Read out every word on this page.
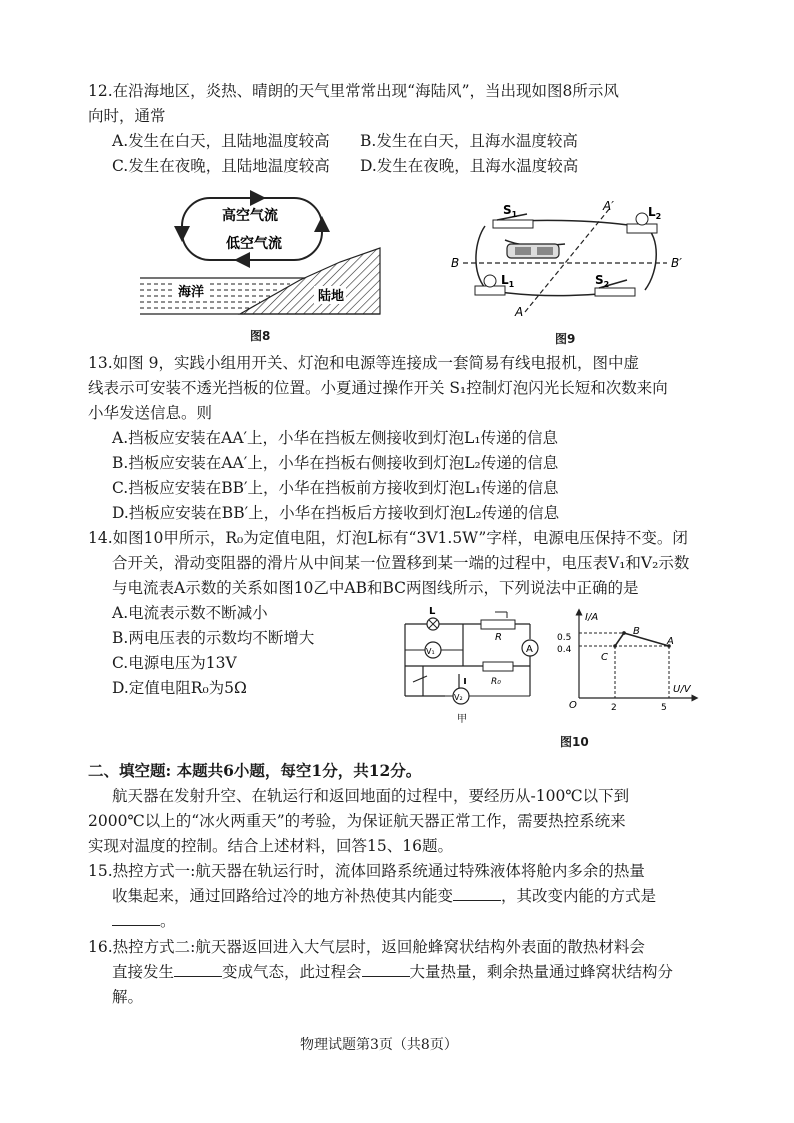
12.在沿海地区，炎热、晴朗的天气里常常出现“海陆风”，当出现如图8所示风
向时，通常
A.发生在白天，且陆地温度较高 B.发生在白天，且海水温度较高
C.发生在夜晚，且陆地温度较高 D.发生在夜晚，且海水温度较高
高空气流
低空气流
海洋	陆地
图8
$S_1$	$L_2$
$L_1$	$S_2$
A′
A
B	B′
图9
13.如图 9，实践小组用开关、灯泡和电源等连接成一套简易有线电报机，图中虚
线表示可安装不透光挡板的位置。小夏通过操作开关 S₁控制灯泡闪光长短和次数来向
小华发送信息。则
A.挡板应安装在AA′上，小华在挡板左侧接收到灯泡L₁传递的信息
B.挡板应安装在AA′上，小华在挡板右侧接收到灯泡L₂传递的信息
C.挡板应安装在BB′上，小华在挡板前方接收到灯泡L₁传递的信息
D.挡板应安装在BB′上，小华在挡板后方接收到灯泡L₂传递的信息
14.如图10甲所示，R₀为定值电阻，灯泡L标有“3V1.5W”字样，电源电压保持不变。闭
合开关，滑动变阻器的滑片从中间某一位置移到某一端的过程中，电压表V₁和V₂示数
与电流表A示数的关系如图10乙中AB和BC两图线所示，下列说法中正确的是
A.电流表示数不断减小
B.两电压表的示数均不断增大
C.电源电压为13V
D.定值电阻R₀为5Ω
L
R
A
V₁
R₀
V₂
甲
I/A
U/V
O
0.5
0.4
2	5
B
A
C
图10
二、填空题: 本题共6小题，每空1分，共12分。
航天器在发射升空、在轨运行和返回地面的过程中，要经历从-100℃以下到
2000℃以上的“冰火两重天”的考验，为保证航天器正常工作，需要热控系统来
实现对温度的控制。结合上述材料，回答15、16题。
15.热控方式一:航天器在轨运行时，流体回路系统通过特殊液体将舱内多余的热量
收集起来，通过回路给过冷的地方补热使其内能变	，其改变内能的方式是
。
16.热控方式二:航天器返回进入大气层时，返回舱蜂窝状结构外表面的散热材料会
直接发生	变成气态，此过程会	大量热量，剩余热量通过蜂窝状结构分
解。
物理试题第3页（共8页）
